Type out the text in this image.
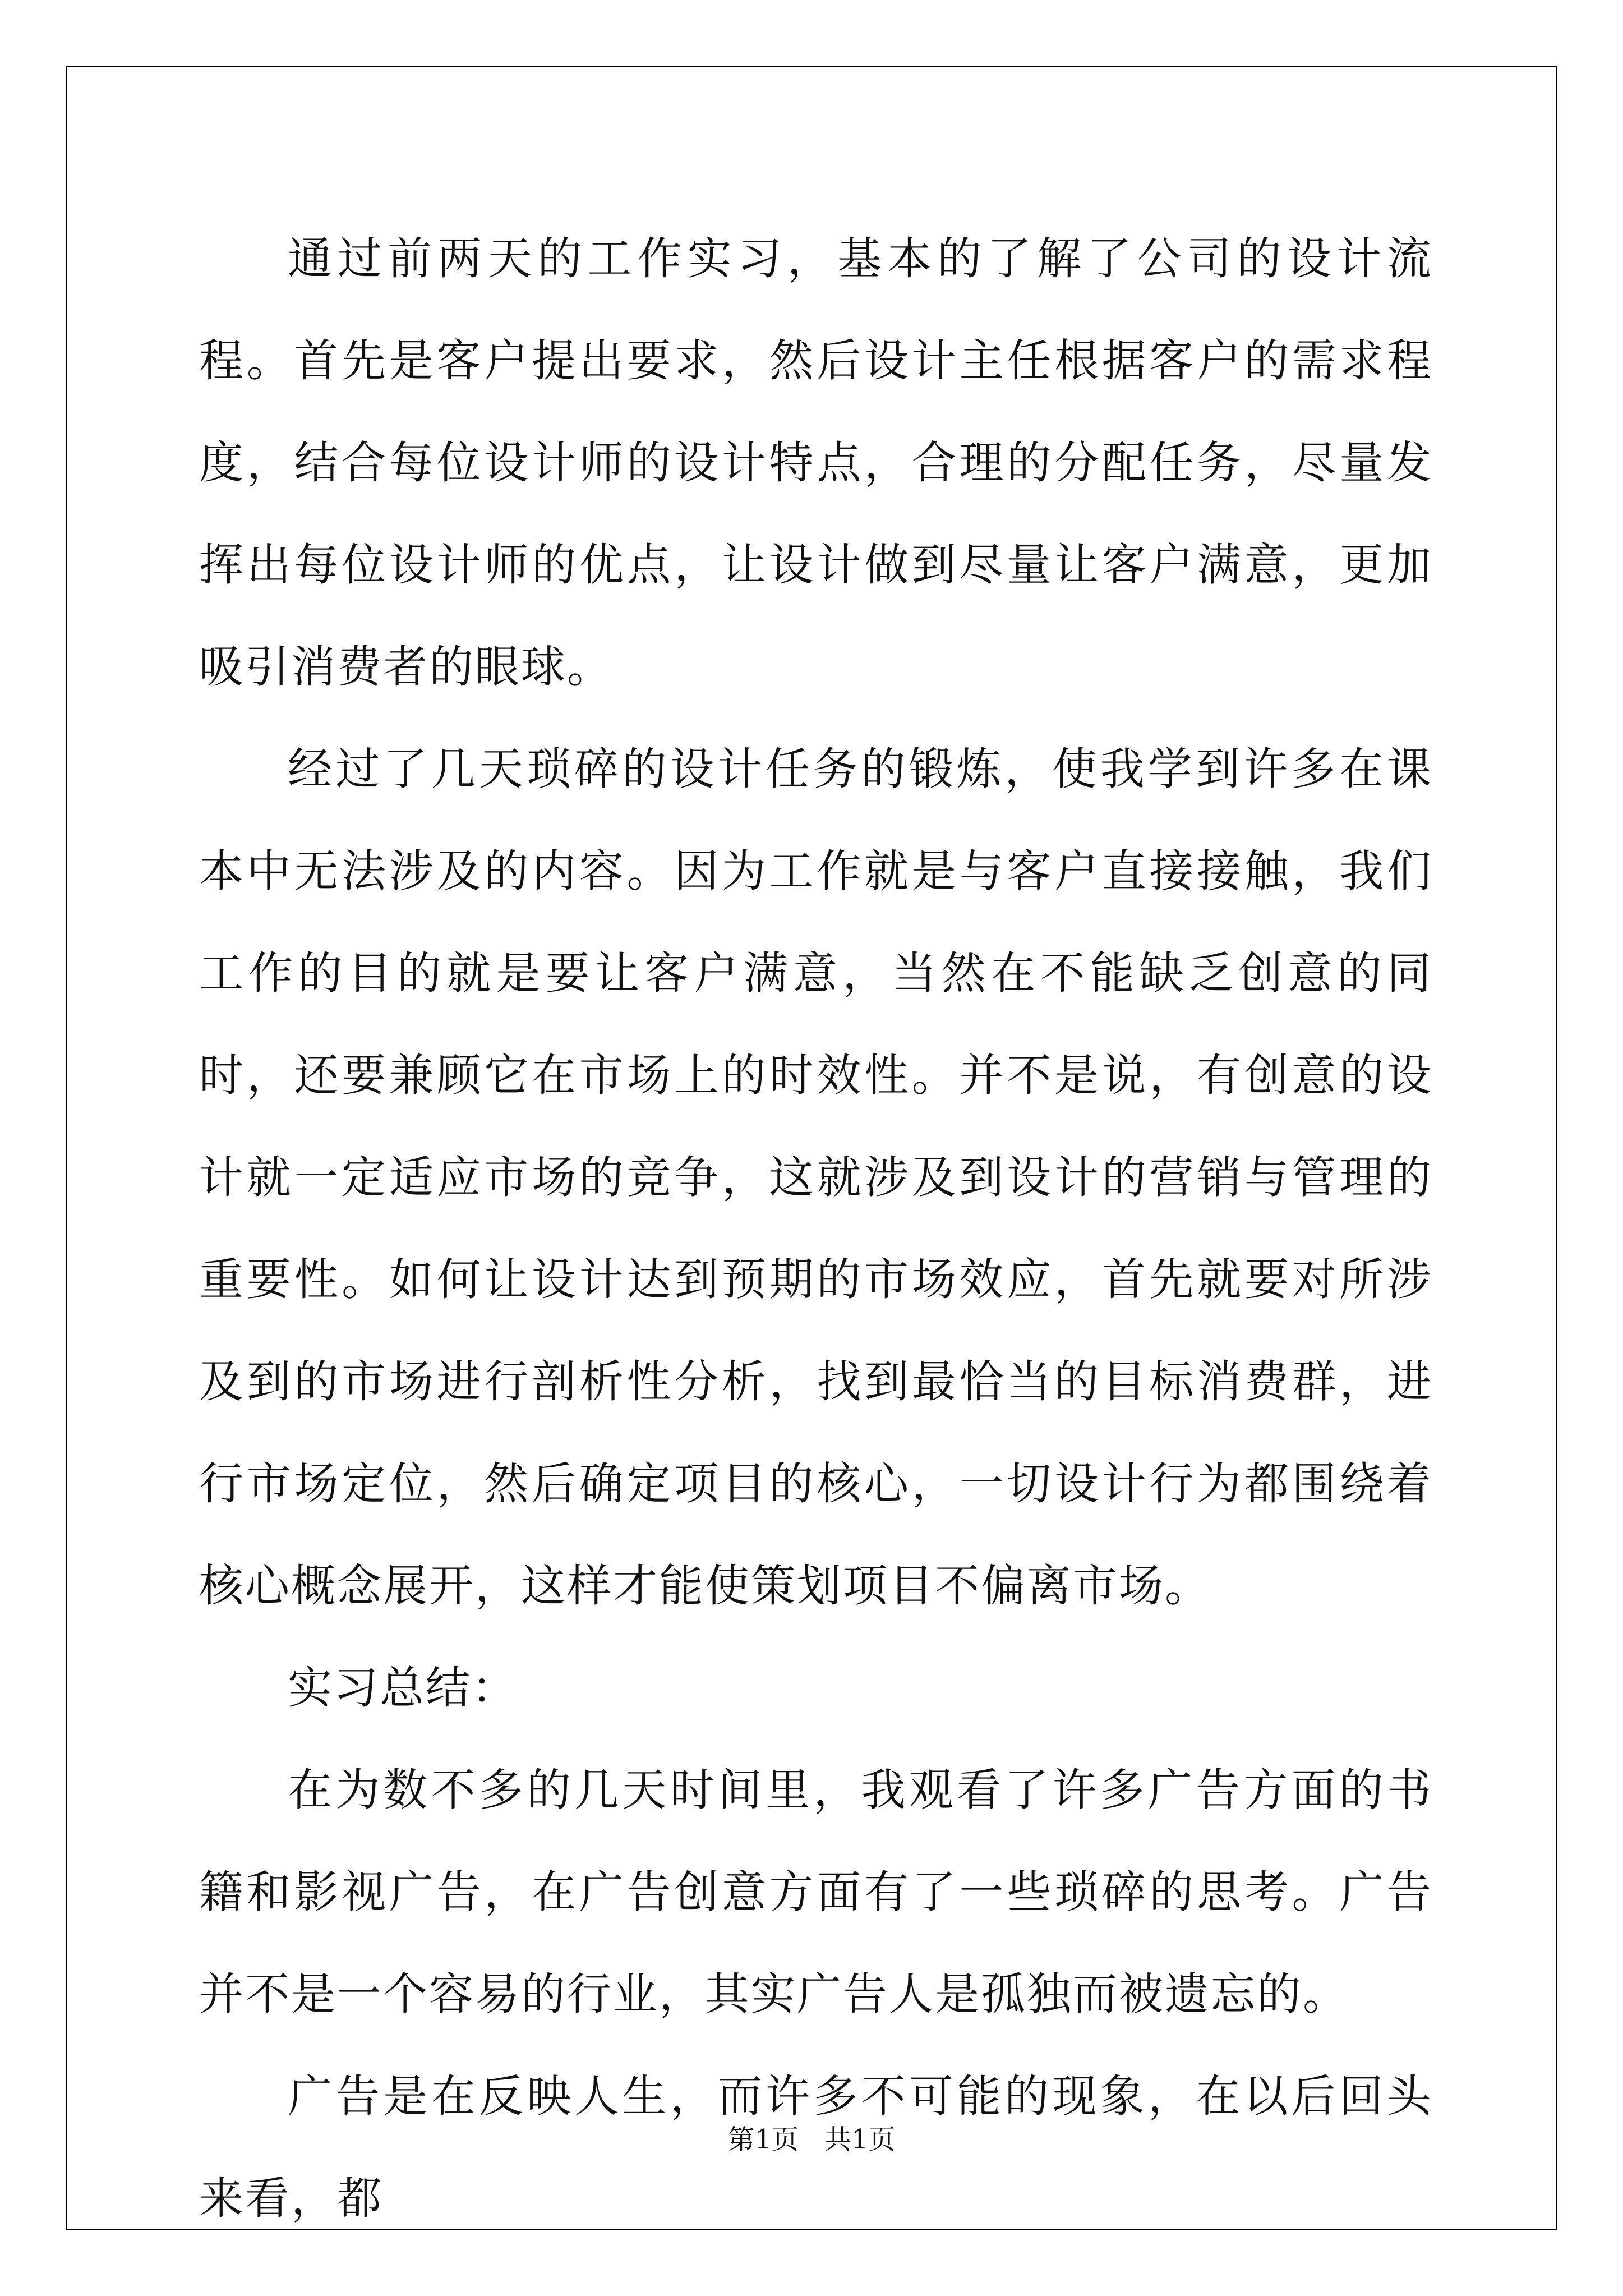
通过前两天的工作实习，基本的了解了公司的设计流程。首先是客户提出要求，然后设计主任根据客户的需求程度，结合每位设计师的设计特点，合理的分配任务，尽量发挥出每位设计师的优点，让设计做到尽量让客户满意，更加吸引消费者的眼球。

经过了几天琐碎的设计任务的锻炼，使我学到许多在课本中无法涉及的内容。因为工作就是与客户直接接触，我们工作的目的就是要让客户满意，当然在不能缺乏创意的同时，还要兼顾它在市场上的时效性。并不是说，有创意的设计就一定适应市场的竞争，这就涉及到设计的营销与管理的重要性。如何让设计达到预期的市场效应，首先就要对所涉及到的市场进行剖析性分析，找到最恰当的目标消费群，进行市场定位，然后确定项目的核心，一切设计行为都围绕着核心概念展开，这样才能使策划项目不偏离市场。

实习总结：

在为数不多的几天时间里，我观看了许多广告方面的书籍和影视广告，在广告创意方面有了一些琐碎的思考。广告并不是一个容易的行业，其实广告人是孤独而被遗忘的。

广告是在反映人生，而许多不可能的现象，在以后回头来看，都

第1页   共1页
